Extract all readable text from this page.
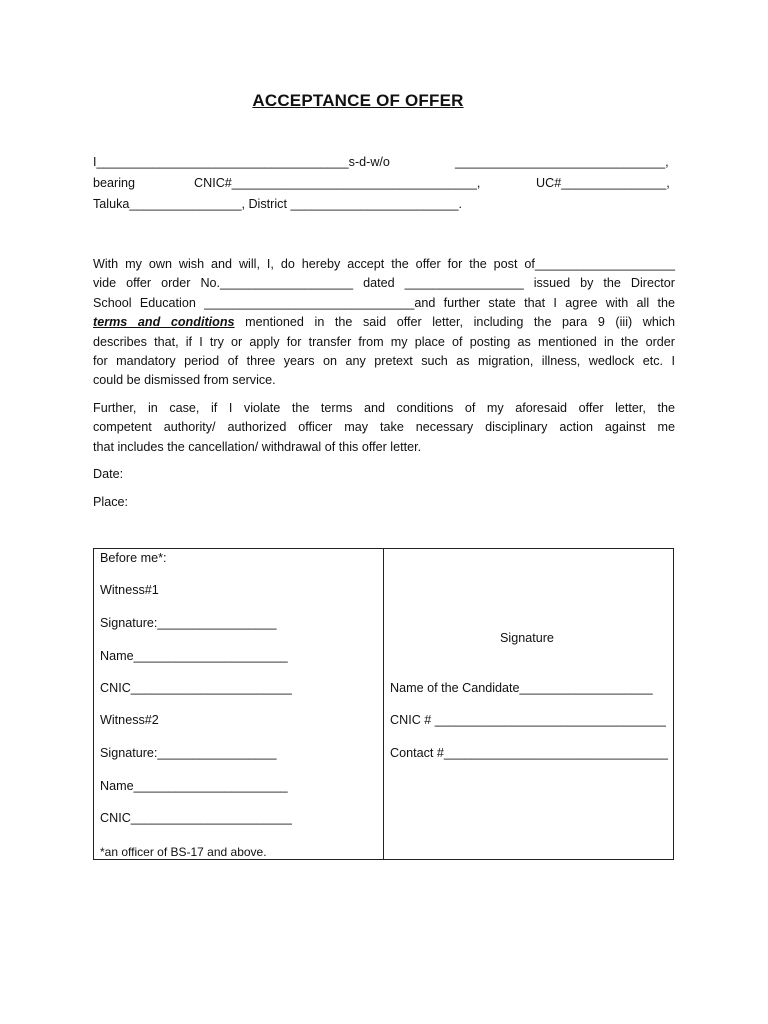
ACCEPTANCE OF OFFER
I____________________________________s-d-w/o	______________________________,
bearing	CNIC#___________________________________,	UC#_______________,
Taluka________________, District ________________________.
With my own wish and will, I, do hereby accept the offer for the post of____________________
vide offer order No.___________________ dated _________________ issued by the Director
School Education ______________________________and further state that I agree with all the
terms and conditions mentioned in the said offer letter, including the para 9 (iii) which
describes that, if I try or apply for transfer from my place of posting as mentioned in the order
for mandatory period of three years on any pretext such as migration, illness, wedlock etc. I
could be dismissed from service.
Further, in case, if I violate the terms and conditions of my aforesaid offer letter, the
competent authority/ authorized officer may take necessary disciplinary action against me
that includes the cancellation/ withdrawal of this offer letter.
Date:
Place:
Before me*:
Witness#1
Signature:_________________
Name______________________
CNIC_______________________
Witness#2
Signature:_________________
Name______________________
CNIC_______________________
*an officer of BS-17 and above.
Signature
Name of the Candidate___________________
CNIC # _________________________________
Contact #________________________________
